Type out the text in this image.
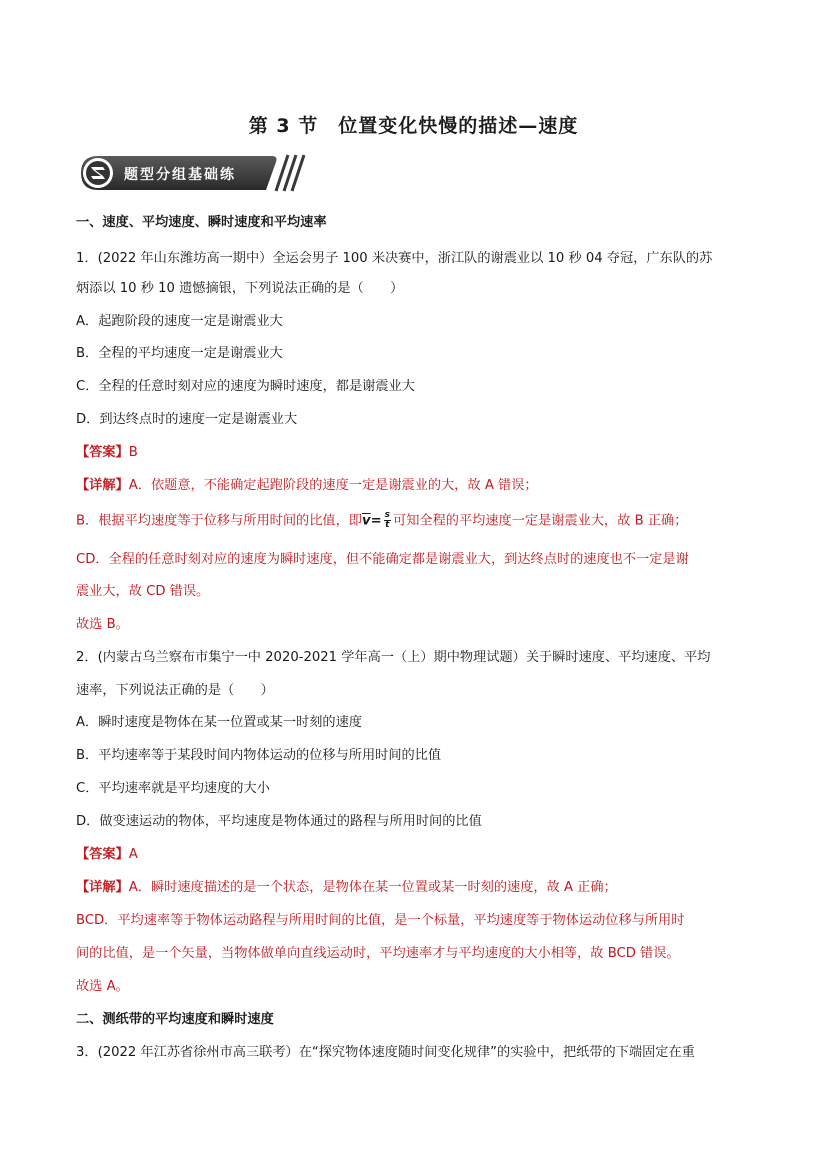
第 3 节　位置变化快慢的描述—速度
题型分组基础练
一、速度、平均速度、瞬时速度和平均速率
1．(2022 年山东潍坊高一期中）全运会男子 100 米决赛中，浙江队的谢震业以 10 秒 04 夺冠，广东队的苏
炳添以 10 秒 10 遗憾摘银，下列说法正确的是（　　）
A．起跑阶段的速度一定是谢震业大
B．全程的平均速度一定是谢震业大
C．全程的任意时刻对应的速度为瞬时速度，都是谢震业大
D．到达终点时的速度一定是谢震业大
【答案】B
【详解】A．依题意，不能确定起跑阶段的速度一定是谢震业的大，故 A 错误；
B．根据平均速度等于位移与所用时间的比值，即$\overline{v}= \frac{s}{t}$ 可知全程的平均速度一定是谢震业大，故 B 正确；
CD．全程的任意时刻对应的速度为瞬时速度，但不能确定都是谢震业大，到达终点时的速度也不一定是谢
震业大，故 CD 错误。
故选 B。
2．(内蒙古乌兰察布市集宁一中 2020-2021 学年高一（上）期中物理试题）关于瞬时速度、平均速度、平均
速率，下列说法正确的是（　　）
A．瞬时速度是物体在某一位置或某一时刻的速度
B．平均速率等于某段时间内物体运动的位移与所用时间的比值
C．平均速率就是平均速度的大小
D．做变速运动的物体，平均速度是物体通过的路程与所用时间的比值
【答案】A
【详解】A．瞬时速度描述的是一个状态，是物体在某一位置或某一时刻的速度，故 A 正确；
BCD．平均速率等于物体运动路程与所用时间的比值，是一个标量，平均速度等于物体运动位移与所用时
间的比值，是一个矢量，当物体做单向直线运动时，平均速率才与平均速度的大小相等，故 BCD 错误。
故选 A。
二、测纸带的平均速度和瞬时速度
3．(2022 年江苏省徐州市高三联考）在“探究物体速度随时间变化规律”的实验中，把纸带的下端固定在重
